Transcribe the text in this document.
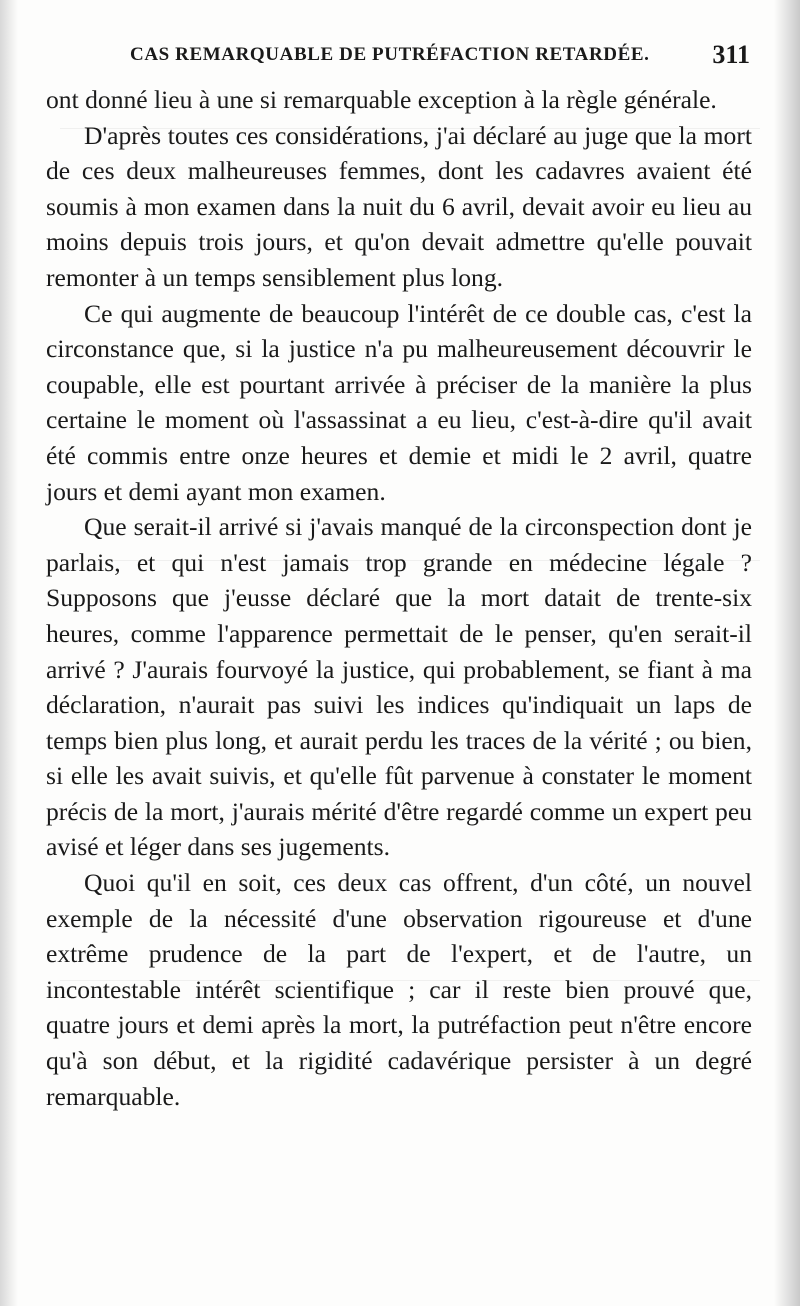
CAS REMARQUABLE DE PUTRÉFACTION RETARDÉE. 311

ont donné lieu à une si remarquable exception à la règle générale.

D'après toutes ces considérations, j'ai déclaré au juge que la mort de ces deux malheureuses femmes, dont les cadavres avaient été soumis à mon examen dans la nuit du 6 avril, devait avoir eu lieu au moins depuis trois jours, et qu'on devait admettre qu'elle pouvait remonter à un temps sensiblement plus long.

Ce qui augmente de beaucoup l'intérêt de ce double cas, c'est la circonstance que, si la justice n'a pu malheureusement découvrir le coupable, elle est pourtant arrivée à préciser de la manière la plus certaine le moment où l'assassinat a eu lieu, c'est-à-dire qu'il avait été commis entre onze heures et demie et midi le 2 avril, quatre jours et demi ayant mon examen.

Que serait-il arrivé si j'avais manqué de la circonspection dont je parlais, et qui n'est jamais trop grande en médecine légale ? Supposons que j'eusse déclaré que la mort datait de trente-six heures, comme l'apparence permettait de le penser, qu'en serait-il arrivé ? J'aurais fourvoyé la justice, qui probablement, se fiant à ma déclaration, n'aurait pas suivi les indices qu'indiquait un laps de temps bien plus long, et aurait perdu les traces de la vérité ; ou bien, si elle les avait suivis, et qu'elle fût parvenue à constater le moment précis de la mort, j'aurais mérité d'être regardé comme un expert peu avisé et léger dans ses jugements.

Quoi qu'il en soit, ces deux cas offrent, d'un côté, un nouvel exemple de la nécessité d'une observation rigoureuse et d'une extrême prudence de la part de l'expert, et de l'autre, un incontestable intérêt scientifique ; car il reste bien prouvé que, quatre jours et demi après la mort, la putréfaction peut n'être encore qu'à son début, et la rigidité cadavérique persister à un degré remarquable.
